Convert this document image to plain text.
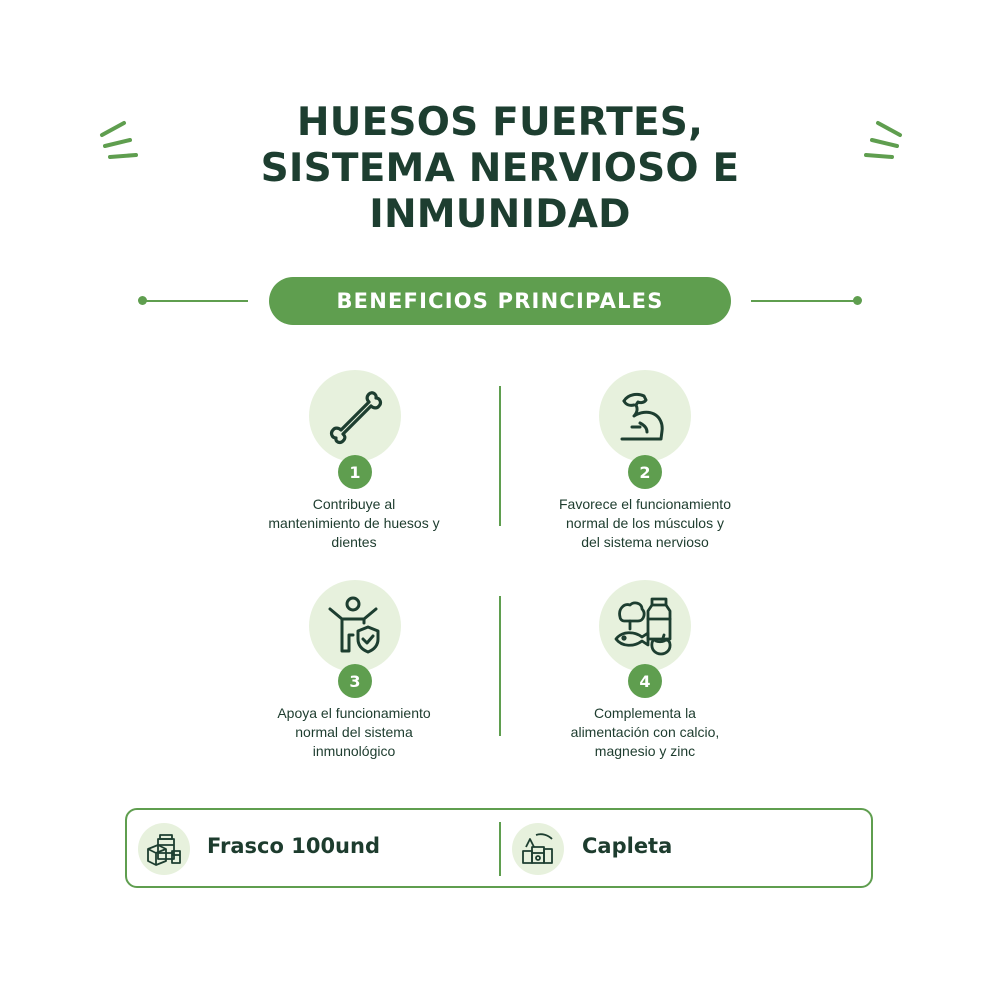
HUESOS FUERTES,
SISTEMA NERVIOSO E
INMUNIDAD
BENEFICIOS PRINCIPALES
1
Contribuye al
mantenimiento de huesos y
dientes
2
Favorece el funcionamiento
normal de los músculos y
del sistema nervioso
3
Apoya el funcionamiento
normal del sistema
inmunológico
4
Complementa la
alimentación con calcio,
magnesio y zinc
Frasco 100und	Capleta
